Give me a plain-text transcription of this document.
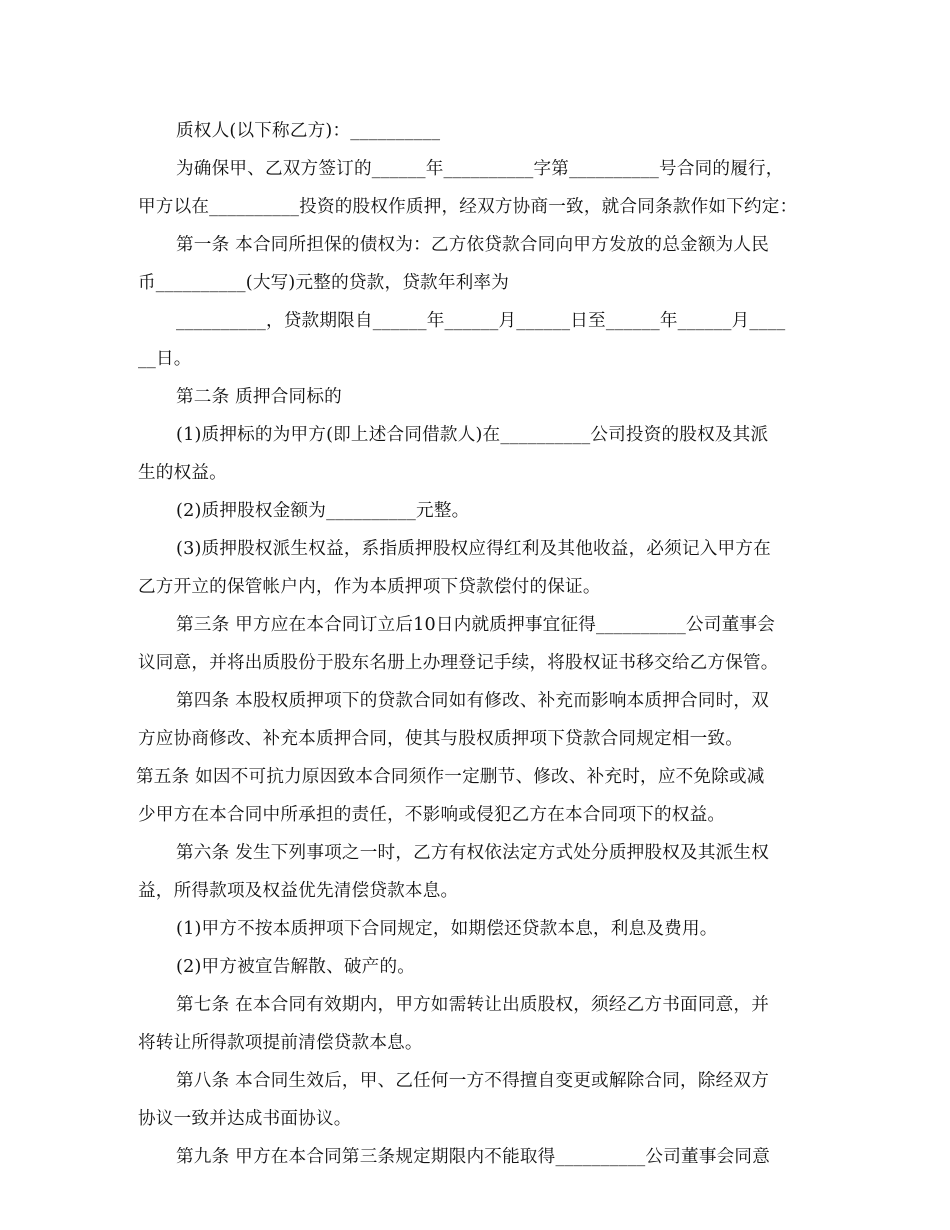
质权人(以下称乙方)：__________
为确保甲、乙双方签订的______年__________字第__________号合同的履行，
甲方以在__________投资的股权作质押，经双方协商一致，就合同条款作如下约定：
第一条 本合同所担保的债权为：乙方依贷款合同向甲方发放的总金额为人民
币__________(大写)元整的贷款，贷款年利率为
__________，贷款期限自______年______月______日至______年______月____
__日。
第二条 质押合同标的
(1)质押标的为甲方(即上述合同借款人)在__________公司投资的股权及其派
生的权益。
(2)质押股权金额为__________元整。
(3)质押股权派生权益，系指质押股权应得红利及其他收益，必须记入甲方在
乙方开立的保管帐户内，作为本质押项下贷款偿付的保证。
第三条 甲方应在本合同订立后10日内就质押事宜征得__________公司董事会
议同意，并将出质股份于股东名册上办理登记手续，将股权证书移交给乙方保管。
第四条 本股权质押项下的贷款合同如有修改、补充而影响本质押合同时，双
方应协商修改、补充本质押合同，使其与股权质押项下贷款合同规定相一致。
第五条 如因不可抗力原因致本合同须作一定删节、修改、补充时，应不免除或减
少甲方在本合同中所承担的责任，不影响或侵犯乙方在本合同项下的权益。
第六条 发生下列事项之一时，乙方有权依法定方式处分质押股权及其派生权
益，所得款项及权益优先清偿贷款本息。
(1)甲方不按本质押项下合同规定，如期偿还贷款本息，利息及费用。
(2)甲方被宣告解散、破产的。
第七条 在本合同有效期内，甲方如需转让出质股权，须经乙方书面同意，并
将转让所得款项提前清偿贷款本息。
第八条 本合同生效后，甲、乙任何一方不得擅自变更或解除合同，除经双方
协议一致并达成书面协议。
第九条 甲方在本合同第三条规定期限内不能取得__________公司董事会同意
